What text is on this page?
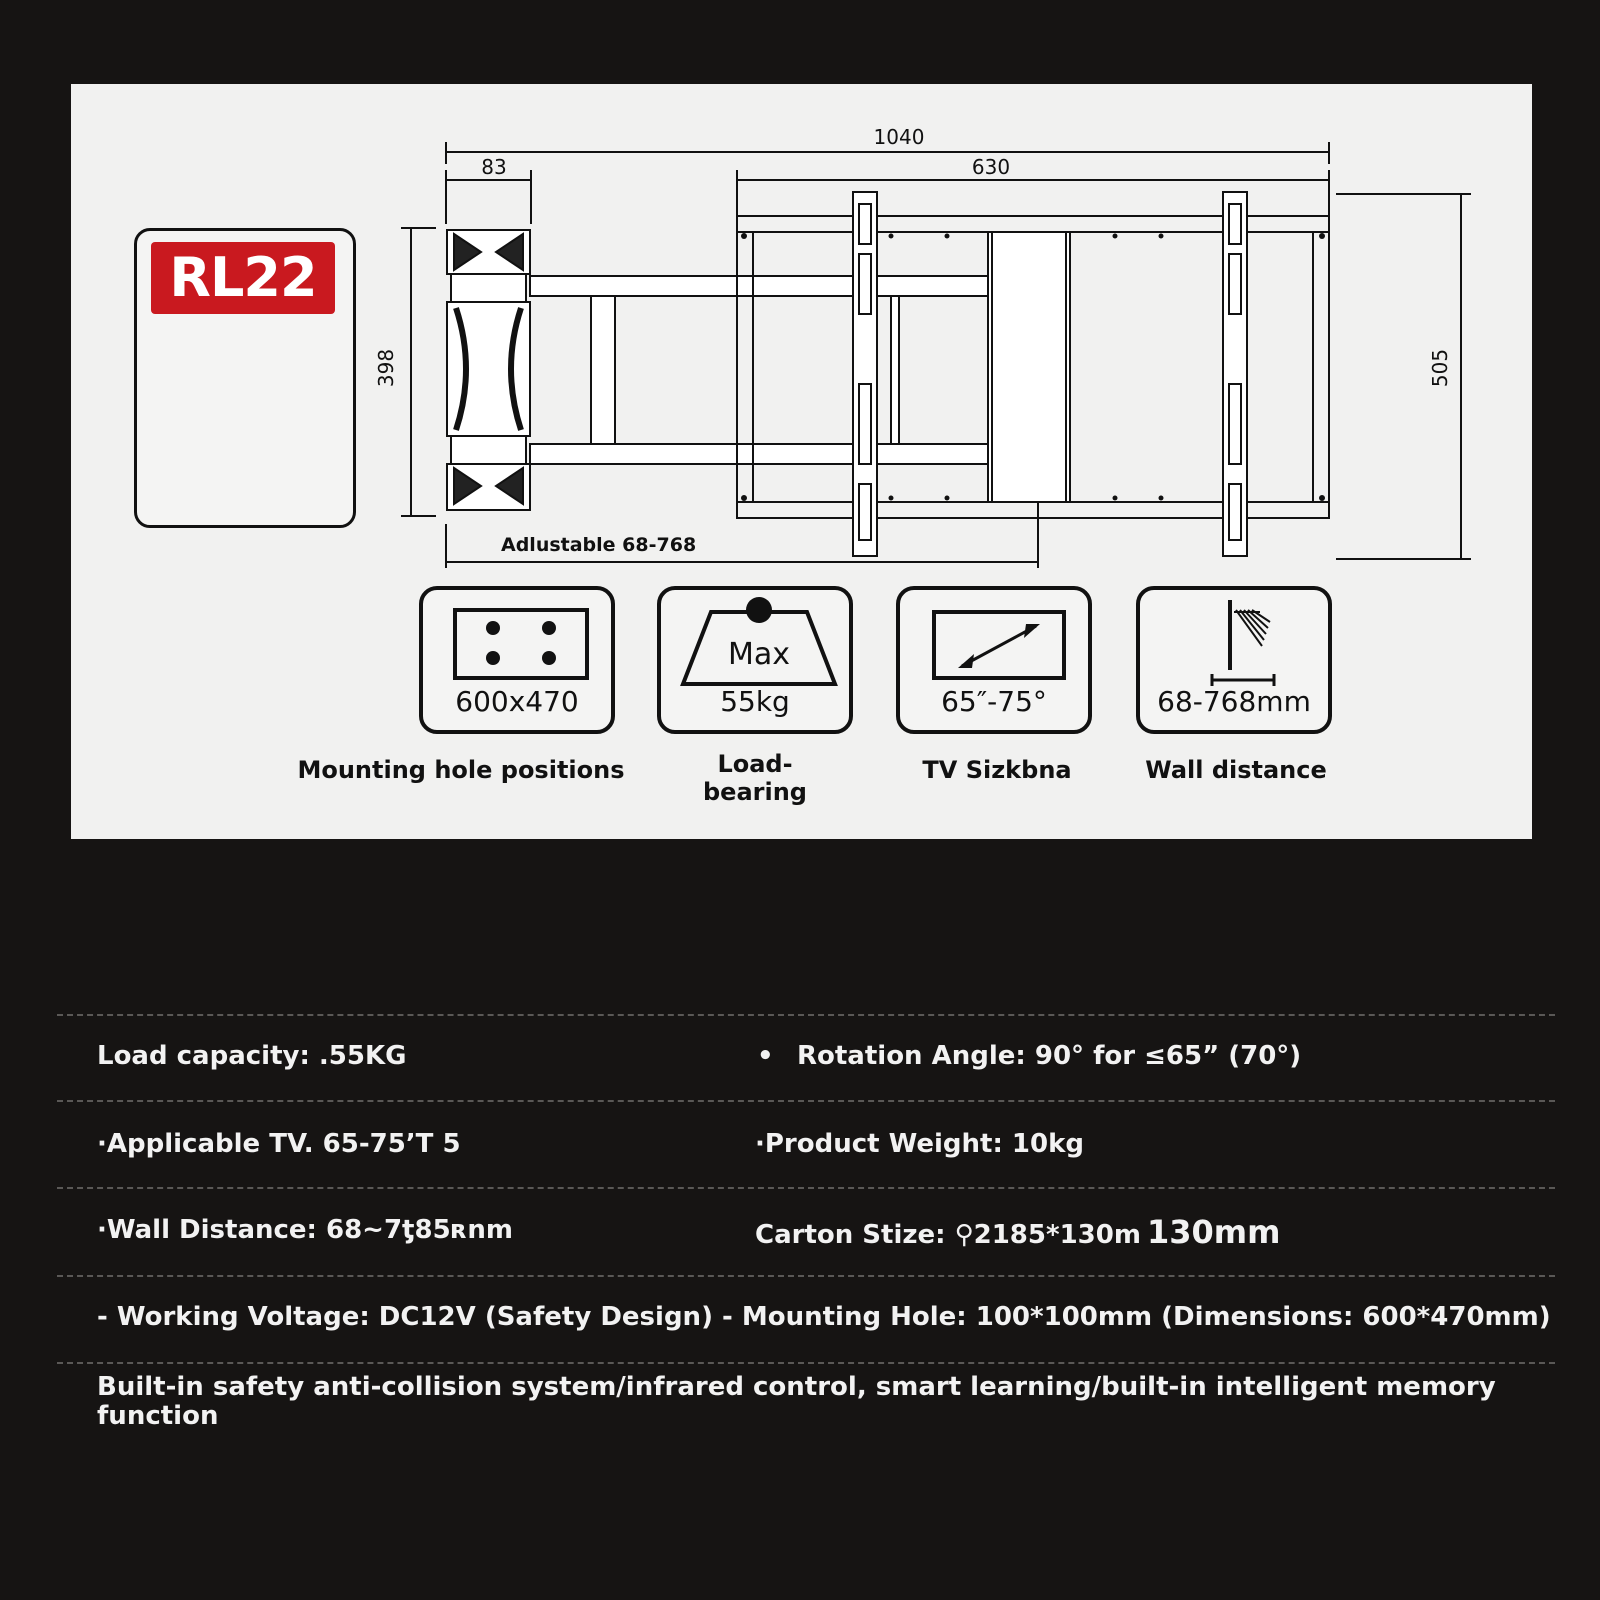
1040
83	630
398	505
RL22
Adlustable 68-768
600x470
Mounting hole positions
Max
55kg
Load-
bearing
65″-75°
TV Sizkbna
68-768mm
Wall distance
Load capacity: .55KG	• Rotation Angle: 90° for ≤65” (70°)
·Applicable TV. 65-75’T 5	·Product Weight: 10kg
·Wall Distance: 68~7ƫ85ʀnm	Carton Stize: ⚲2185*130m 130mm
- Working Voltage: DC12V (Safety Design) - Mounting Hole: 100*100mm (Dimensions: 600*470mm)
Built-in safety anti-collision system/infrared control, smart learning/built-in intelligent memory function
